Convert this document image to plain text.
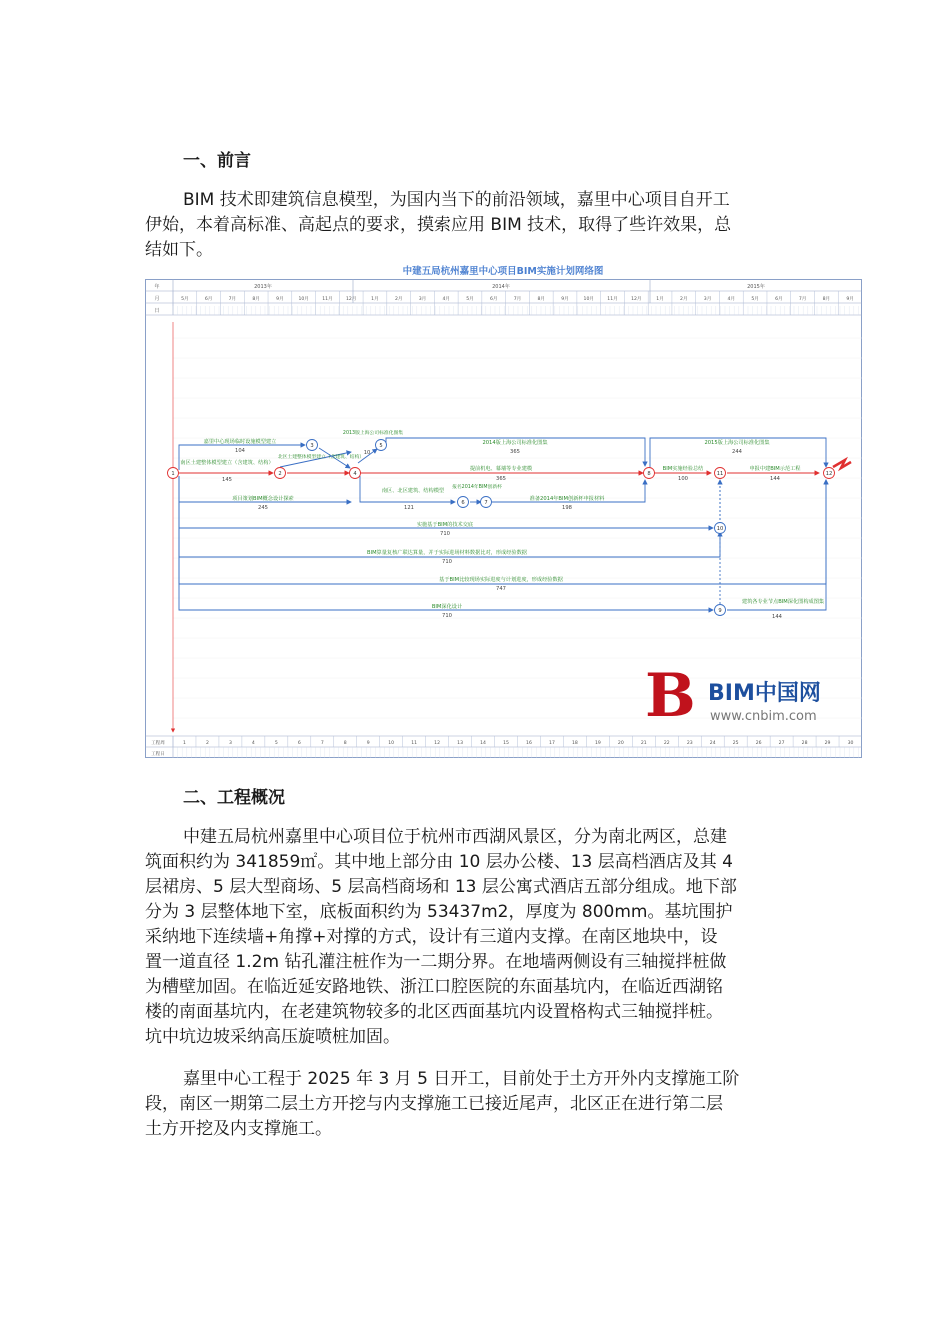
一、前言

BIM 技术即建筑信息模型，为国内当下的前沿领域，嘉里中心项目自开工
伊始，本着高标准、高起点的要求，摸索应用 BIM 技术，取得了些许效果，总
结如下。

中建五局杭州嘉里中心项目BIM实施计划网络图
年
月
日
2013年	2014年	2015年
5月	6月	7月	8月	9月	10月	11月	12月	1月	2月	3月	4月	5月	6月	7月	8月	9月	10月	11月	12月	1月	2月	3月	4月	5月	6月	7月	8月	9月
1	2
3
4
5
6	7
8
9
10
11	12
嘉里中心现场临时设施模型建立
104
南区土建整体模型建立（含建筑、结构）
145
北区土建整体模型建立（含建筑、结构）
项目策划BIM概念设计探索
245
2013版上海公司标准化图集
10
2014版上海公司标准化图集
365
提前机电、幕墙等专业建模
365
南区、北区建筑、结构模型
121
报名2014年BIM创新杯
准备2014年BIM创新杯申报材料
198
2015版上海公司标准化图集
244
BIM实施经验总结
100
申报中建BIM示范工程
144
实施基于BIM的技术交底
710
BIM算量复核广联达算量，并于实际进场材料数据比对，形成经验数据
710
基于BIM比较现场实际进度与计划进度，形成经验数据
747
BIM深化设计
710
建筑各专业节点BIM深化图构成图集
144
B BIM中国网
www.cnbim.com
工程周
工程日
1	2	3	4	5	6	7	8	9	10	11	12	13	14	15	16	17	18	19	20	21	22	23	24	25	26	27	28	29	30
二、工程概况

中建五局杭州嘉里中心项目位于杭州市西湖风景区，分为南北两区，总建
筑面积约为 341859㎡。其中地上部分由 10 层办公楼、13 层高档酒店及其 4
层裙房、5 层大型商场、5 层高档商场和 13 层公寓式酒店五部分组成。地下部
分为 3 层整体地下室，底板面积约为 53437m2，厚度为 800mm。基坑围护
采纳地下连续墙+角撑+对撑的方式，设计有三道内支撑。在南区地块中，设
置一道直径 1.2m 钻孔灌注桩作为一二期分界。在地墙两侧设有三轴搅拌桩做
为槽壁加固。在临近延安路地铁、浙江口腔医院的东面基坑内，在临近西湖铭
楼的南面基坑内，在老建筑物较多的北区西面基坑内设置格构式三轴搅拌桩。
坑中坑边坡采纳高压旋喷桩加固。

嘉里中心工程于 2025 年 3 月 5 日开工，目前处于土方开外内支撑施工阶
段，南区一期第二层土方开挖与内支撑施工已接近尾声，北区正在进行第二层
土方开挖及内支撑施工。
